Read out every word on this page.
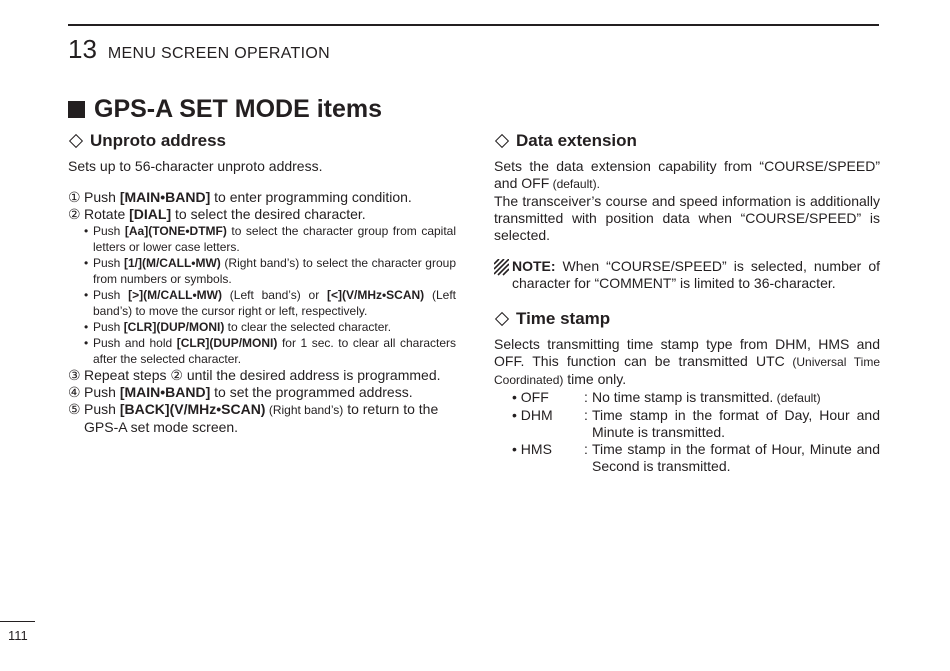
13 MENU SCREEN OPERATION
GPS-A SET MODE items
Unproto address

Sets up to 56-character unproto address.

① Push [MAIN•BAND] to enter programming condition.
② Rotate [DIAL] to select the desired character.
• Push [Aa](TONE•DTMF) to select the character group from capital letters or lower case letters.
• Push [1/](M/CALL•MW) (Right band’s) to select the character group from numbers or symbols.
• Push [>](M/CALL•MW) (Left band’s) or [<](V/MHz•SCAN) (Left band’s) to move the cursor right or left, respectively.
• Push [CLR](DUP/MONI) to clear the selected character.
• Push and hold [CLR](DUP/MONI) for 1 sec. to clear all characters after the selected character.
③ Repeat steps ② until the desired address is programmed.
④ Push [MAIN•BAND] to set the programmed address.
⑤ Push [BACK](V/MHz•SCAN) (Right band’s) to return to the GPS-A set mode screen.
Data extension

Sets the data extension capability from “COURSE/SPEED” and OFF (default).

The transceiver’s course and speed information is additionally transmitted with position data when “COURSE/SPEED” is selected.

NOTE: When “COURSE/SPEED” is selected, number of character for “COMMENT” is limited to 36-character.

Time stamp

Selects transmitting time stamp type from DHM, HMS and OFF. This function can be transmitted UTC (Universal Time Coordinated) time only.

• OFF	: No time stamp is transmitted. (default)
• DHM	: Time stamp in the format of Day, Hour and Minute is transmitted.
• HMS	: Time stamp in the format of Hour, Minute and Second is transmitted.
111
